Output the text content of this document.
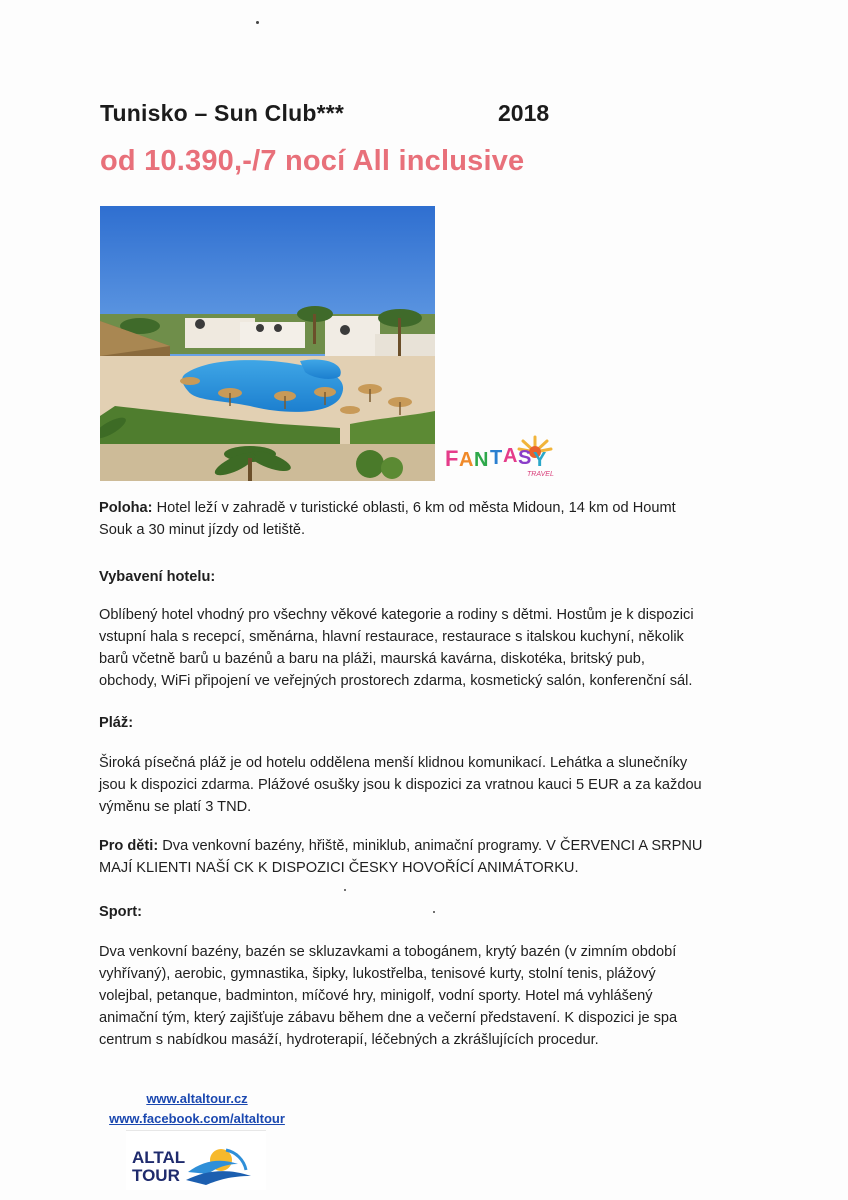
Tunisko – Sun Club***	2018
od 10.390,-/7 nocí All inclusive
F A N T A S Y
TRAVEL
Poloha: Hotel leží v zahradě v turistické oblasti, 6 km od města Midoun, 14 km od Houmt
Souk a 30 minut jízdy od letiště.
Vybavení hotelu:
Oblíbený hotel vhodný pro všechny věkové kategorie a rodiny s dětmi. Hostům je k dispozici
vstupní hala s recepcí, směnárna, hlavní restaurace, restaurace s italskou kuchyní, několik
barů včetně barů u bazénů a baru na pláži, maurská kavárna, diskotéka, britský pub,
obchody, WiFi připojení ve veřejných prostorech zdarma, kosmetický salón, konferenční sál.
Pláž:
Široká písečná pláž je od hotelu oddělena menší klidnou komunikací. Lehátka a slunečníky
jsou k dispozici zdarma. Plážové osušky jsou k dispozici za vratnou kauci 5 EUR a za každou
výměnu se platí 3 TND.
Pro děti: Dva venkovní bazény, hřiště, miniklub, animační programy. V ČERVENCI A SRPNU
MAJÍ KLIENTI NAŠÍ CK K DISPOZICI ČESKY HOVOŘÍCÍ ANIMÁTORKU.
Sport:
Dva venkovní bazény, bazén se skluzavkami a tobogánem, krytý bazén (v zimním období
vyhřívaný), aerobic, gymnastika, šipky, lukostřelba, tenisové kurty, stolní tenis, plážový
volejbal, petanque, badminton, míčové hry, minigolf, vodní sporty. Hotel má vyhlášený
animační tým, který zajišťuje zábavu během dne a večerní představení. K dispozici je spa
centrum s nabídkou masáží, hydroterapií, léčebných a zkrášlujících procedur.
www.altaltour.cz
www.facebook.com/altaltour
ALTAL
TOUR
